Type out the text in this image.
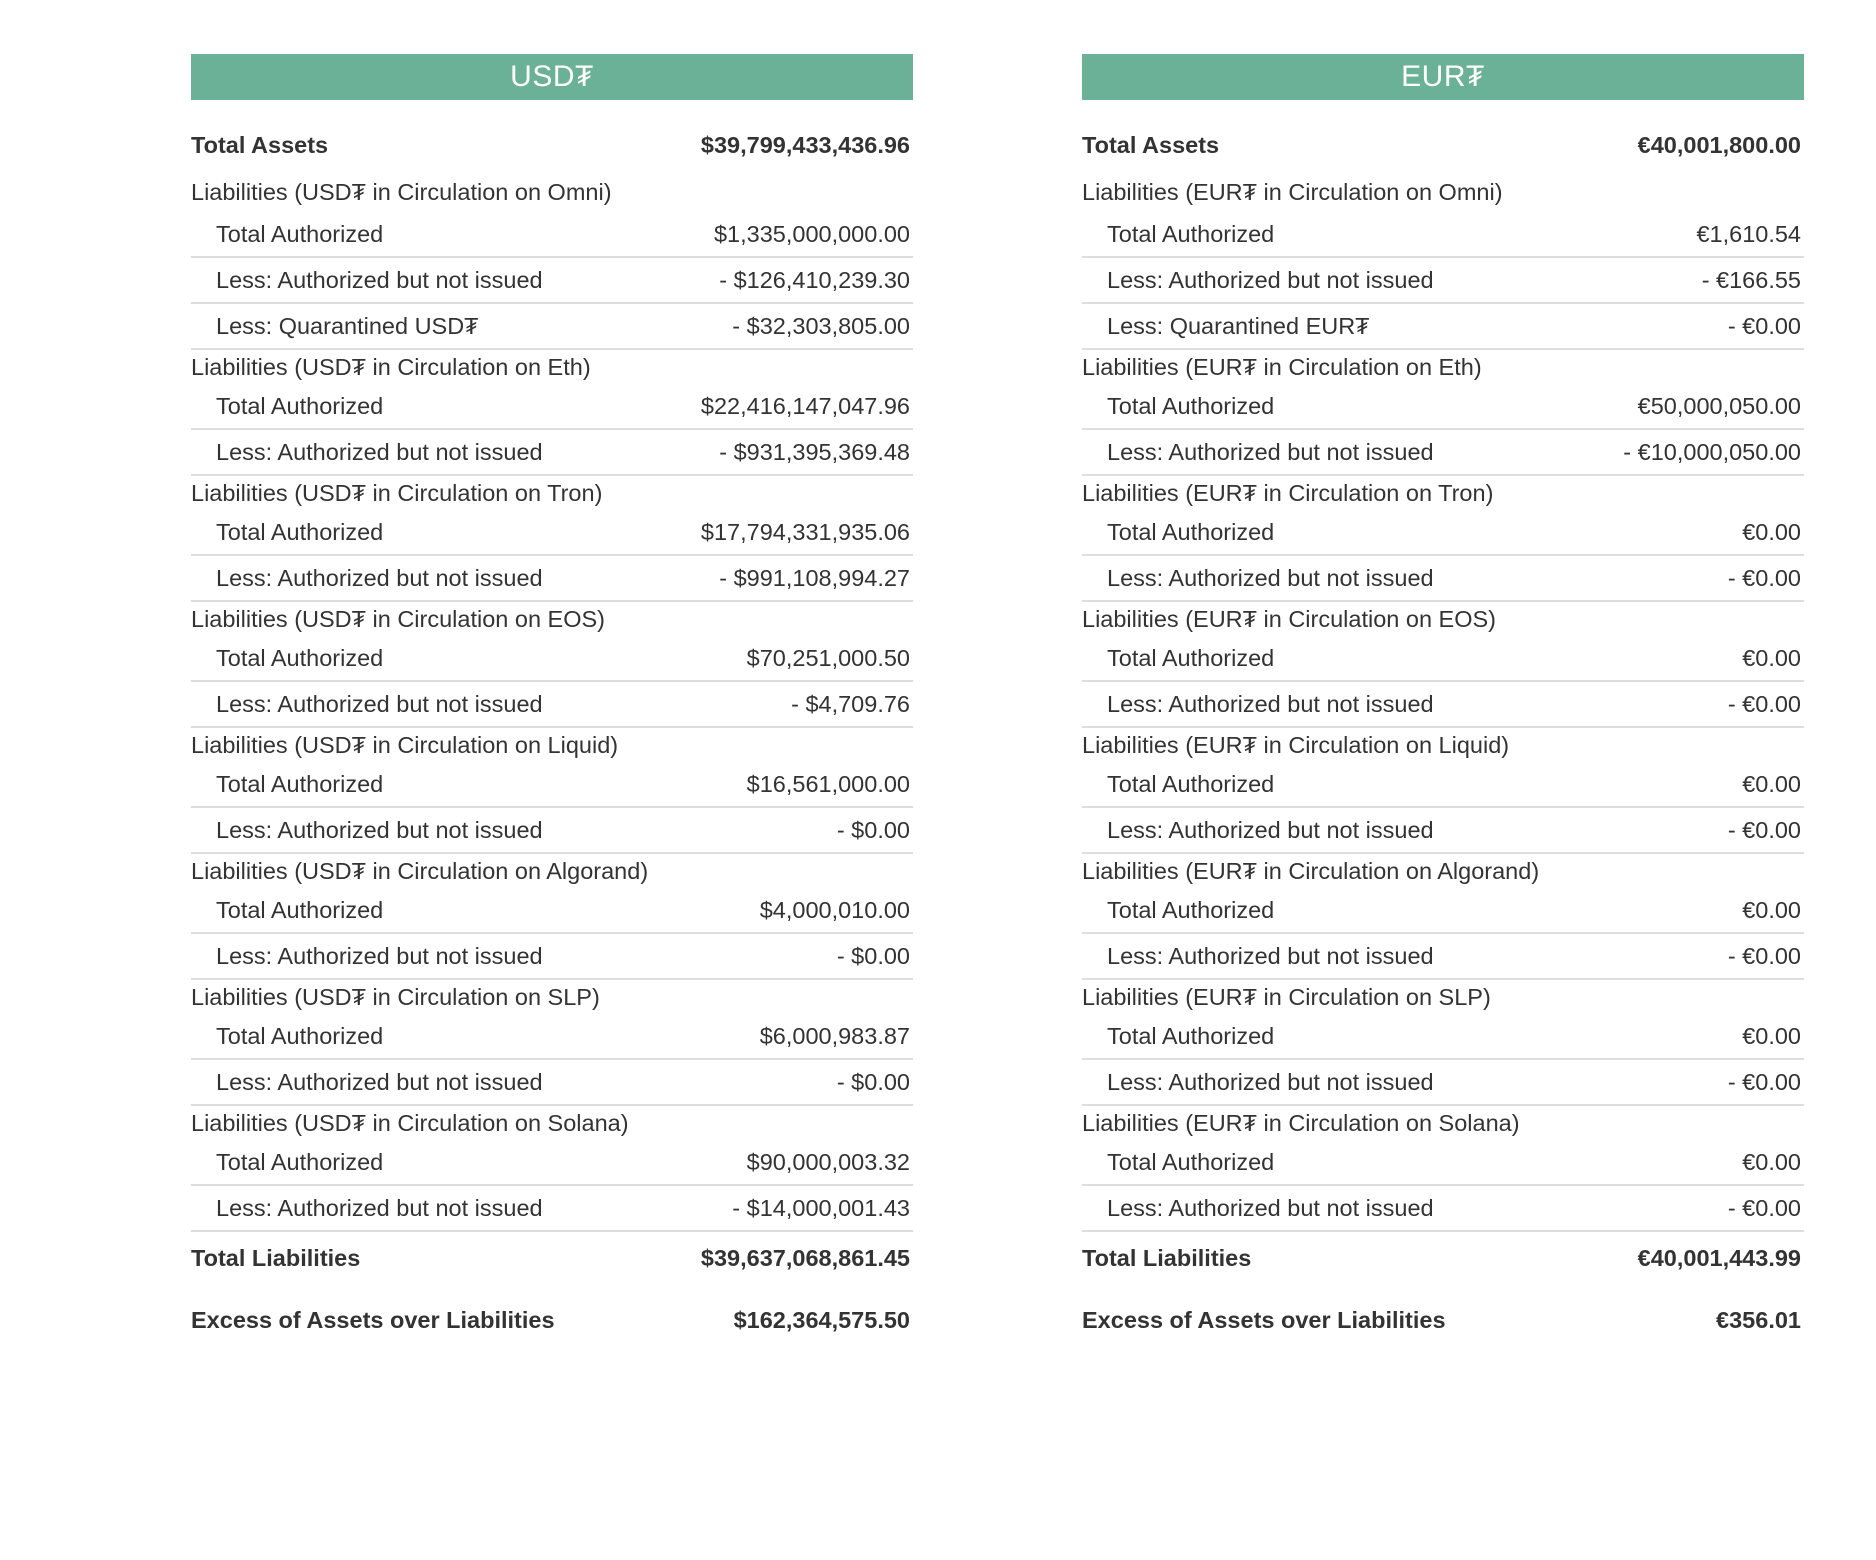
USD₮
Total Assets	$39,799,433,436.96
Liabilities (USD₮ in Circulation on Omni)
Total Authorized	$1,335,000,000.00
Less: Authorized but not issued	- $126,410,239.30
Less: Quarantined USD₮	- $32,303,805.00
Liabilities (USD₮ in Circulation on Eth)
Total Authorized	$22,416,147,047.96
Less: Authorized but not issued	- $931,395,369.48
Liabilities (USD₮ in Circulation on Tron)
Total Authorized	$17,794,331,935.06
Less: Authorized but not issued	- $991,108,994.27
Liabilities (USD₮ in Circulation on EOS)
Total Authorized	$70,251,000.50
Less: Authorized but not issued	- $4,709.76
Liabilities (USD₮ in Circulation on Liquid)
Total Authorized	$16,561,000.00
Less: Authorized but not issued	- $0.00
Liabilities (USD₮ in Circulation on Algorand)
Total Authorized	$4,000,010.00
Less: Authorized but not issued	- $0.00
Liabilities (USD₮ in Circulation on SLP)
Total Authorized	$6,000,983.87
Less: Authorized but not issued	- $0.00
Liabilities (USD₮ in Circulation on Solana)
Total Authorized	$90,000,003.32
Less: Authorized but not issued	- $14,000,001.43
Total Liabilities	$39,637,068,861.45
Excess of Assets over Liabilities	$162,364,575.50
EUR₮
Total Assets	€40,001,800.00
Liabilities (EUR₮ in Circulation on Omni)
Total Authorized	€1,610.54
Less: Authorized but not issued	- €166.55
Less: Quarantined EUR₮	- €0.00
Liabilities (EUR₮ in Circulation on Eth)
Total Authorized	€50,000,050.00
Less: Authorized but not issued	- €10,000,050.00
Liabilities (EUR₮ in Circulation on Tron)
Total Authorized	€0.00
Less: Authorized but not issued	- €0.00
Liabilities (EUR₮ in Circulation on EOS)
Total Authorized	€0.00
Less: Authorized but not issued	- €0.00
Liabilities (EUR₮ in Circulation on Liquid)
Total Authorized	€0.00
Less: Authorized but not issued	- €0.00
Liabilities (EUR₮ in Circulation on Algorand)
Total Authorized	€0.00
Less: Authorized but not issued	- €0.00
Liabilities (EUR₮ in Circulation on SLP)
Total Authorized	€0.00
Less: Authorized but not issued	- €0.00
Liabilities (EUR₮ in Circulation on Solana)
Total Authorized	€0.00
Less: Authorized but not issued	- €0.00
Total Liabilities	€40,001,443.99
Excess of Assets over Liabilities	€356.01
